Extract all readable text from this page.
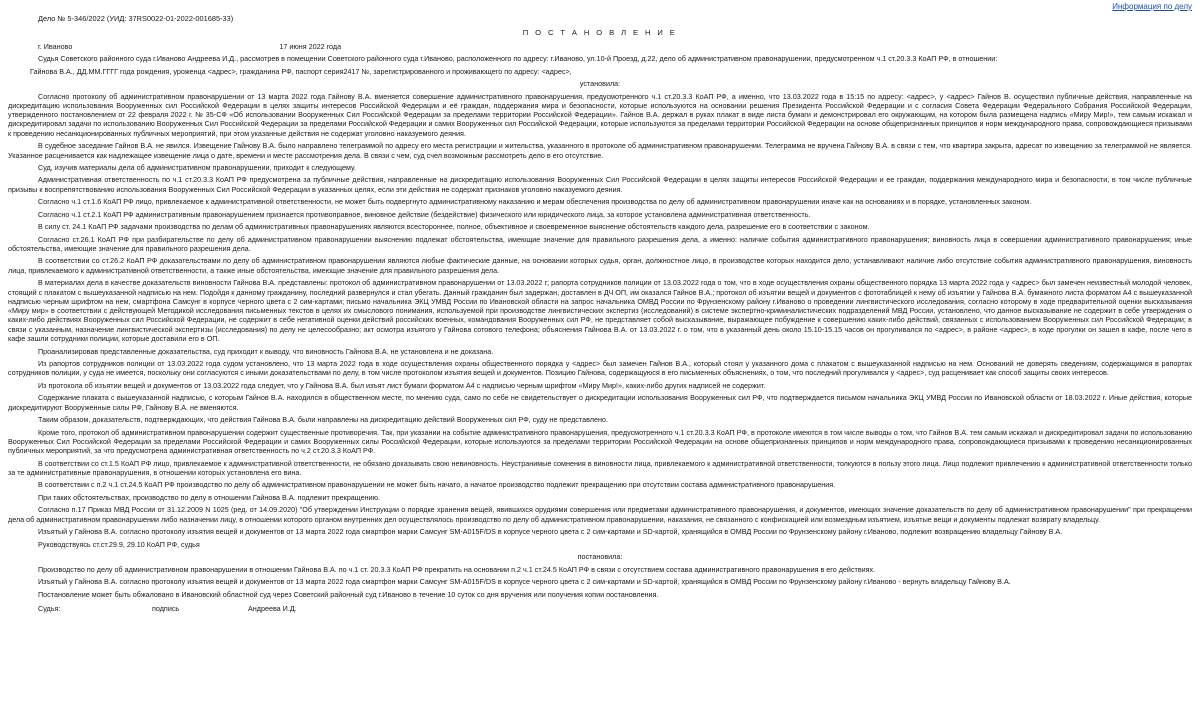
Информация по делу
Дело № 5-346/2022 (УИД: 37RS0022-01-2022-001685-33)
П О С Т А Н О В Л Е Н И Е
г. Иваново	17 июня 2022 года
Судья Советского районного суда г.Иваново Андреева И.Д., рассмотрев в помещении Советского районного суда г.Иваново, расположенного по адресу: г.Иваново, ул.10-й Проезд, д.22, дело об административном правонарушении, предусмотренном ч.1 ст.20.3.3 КоАП РФ, в отношении:
Гайнова В.А., ДД.ММ.ГГГГ года рождения, уроженца <адрес>, гражданина РФ, паспорт серия2417 №, зарегистрированного и проживающего по адресу: <адрес>,
установила:
Согласно протоколу об административном правонарушении от 13 марта 2022 года Гайнову В.А. вменяется совершение административного правонарушения, предусмотренного ч.1 ст.20.3.3 КоАП РФ, а именно, что 13.03.2022 года в 15:15 по адресу: <адрес>, у <адрес> Гайнов В. осуществил публичные действия, направленные на дискредитацию использования Вооруженных сил Российской Федерации в целях защиты интересов Российской Федерации и её граждан, поддержания мира и безопасности, которые используются на основании решения Президента Российской Федерации и с согласия Совета Федерации Федерального Собрания Российской Федерации, утвержденного постановлением от 22 февраля 2022 г. № 35-СФ «Об использовании Вооруженных Сил Российской Федерации за пределами территории Российской Федерации». Гайнов В.А. держал в руках плакат в виде листа бумаги и демонстрировал его окружающим, на котором была размещена надпись «Миру Мир!», тем самым искажал и дискредитировал задачи по использованию Вооруженных Сил Российской Федерации за пределами Российской Федерации и самих Вооруженных сил Российской Федерации, которые используются за пределами территории Российской Федерации на основе общепризнанных принципов и норм международного права, сопровождающиеся призывами к проведению несанкционированных публичных мероприятий, при этом указанные действия не содержат уголовно наказуемого деяния.
В судебное заседание Гайнов В.А. не явился. Извещение Гайнову В.А. было направлено телеграммой по адресу его места регистрации и жительства, указанного в протоколе об административном правонарушении. Телеграмма не вручена Гайнову В.А. в связи с тем, что квартира закрыта, адресат по извещению за телеграммой не является. Указанное расценивается как надлежащее извещение лица о дате, времени и месте рассмотрения дела. В связи с чем, суд счел возможным рассмотреть дело в его отсутствие.
Суд, изучив материалы дела об административном правонарушении, приходит к следующему.
Административная ответственность по ч.1 ст.20.3.3 КоАП РФ предусмотрена за публичные действия, направленные на дискредитацию использования Вооруженных Сил Российской Федерации в целях защиты интересов Российской Федерации и ее граждан, поддержания международного мира и безопасности, в том числе публичные призывы к воспрепятствованию использования Вооруженных Сил Российской Федерации в указанных целях, если эти действия не содержат признаков уголовно наказуемого деяния.
Согласно ч.1 ст.1.6 КоАП РФ лицо, привлекаемое к административной ответственности, не может быть подвергнуто административному наказанию и мерам обеспечения производства по делу об административном правонарушении иначе как на основаниях и в порядке, установленных законом.
Согласно ч.1 ст.2.1 КоАП РФ административным правонарушением признается противоправное, виновное действие (бездействие) физического или юридического лица, за которое установлена административная ответственность.
В силу ст. 24.1 КоАП РФ задачами производства по делам об административных правонарушениях являются всестороннее, полное, объективное и своевременное выяснение обстоятельств каждого дела, разрешение его в соответствии с законом.
Согласно ст.26.1 КоАП РФ при разбирательстве по делу об административном правонарушении выяснению подлежат обстоятельства, имеющие значение для правильного разрешения дела, а именно: наличие события административного правонарушения; виновность лица в совершении административного правонарушения; иные обстоятельства, имеющие значение для правильного разрешения дела.
В соответствии со ст.26.2 КоАП РФ доказательствами по делу об административном правонарушении являются любые фактические данные, на основании которых судья, орган, должностное лицо, в производстве которых находится дело, устанавливают наличие либо отсутствие события административного правонарушения, виновность лица, привлекаемого к административной ответственности, а также иные обстоятельства, имеющие значение для правильного разрешения дела.
В материалах дела в качестве доказательств виновности Гайнова В.А. представлены: протокол об административном правонарушении от 13.03.2022 г; рапорта сотрудников полиции от 13.03.2022 года о том, что в ходе осуществления охраны общественного порядка 13 марта 2022 года у <адрес> был замечен неизвестный молодой человек, стоящий с плакатом с вышеуказанной надписью на нем. Подойдя к данному гражданину, последний развернулся и стал убегать. Данный гражданин был задержан, доставлен в ДЧ ОП, им оказался Гайнов В.А.; протокол об изъятии вещей и документов с фототаблицей к нему об изъятии у Гайнова В.А. бумажного листа форматом А4 с вышеуказанной надписью черным шрифтом на нем, смартфона Самсунг в корпусе черного цвета с 2 сим-картами; письмо начальника ЭКЦ УМВД России по Ивановской области на запрос начальника ОМВД России по Фрунзенскому району г.Иваново о проведении лингвистического исследования, согласно которому в ходе предварительной оценки высказывания «Миру мир» в соответствии с действующей Методикой исследования письменных текстов в целях их смыслового понимания, используемой при производстве лингвистических экспертиз (исследований) в системе экспертно-криминалистических подразделений МВД России, установлено, что данное высказывание не содержит в себе утверждения о каких-либо действиях Вооруженных сил Российской Федерации, не содержит в себе негативной оценки действий российских военных, командования Вооруженных сил РФ, не представляет собой высказывание, выражающее побуждение к совершению каких-либо действий, связанных с использованием Вооруженных сил Российской Федерации; в связи с указанным, назначение лингвистической экспертизы (исследования) по делу не целесообразно; акт осмотра изъятого у Гайнова сотового телефона; объяснения Гайнова В.А. от 13.03.2022 г. о том, что в указанный день около 15.10-15.15 часов он прогуливался по <адрес>, в районе <адрес>, в ходе прогулки он зашел в кафе, после чего в кафе зашли сотрудники полиции, которые доставили его в ОП.
Проанализировав представленные доказательства, суд приходит к выводу, что виновность Гайнова В.А. не установлена и не доказана.
Из рапортов сотрудников полиции от 13.03.2022 года судом установлено, что 13 марта 2022 года в ходе осуществления охраны общественного порядка у <адрес> был замечен Гайнов В.А., который стоял у указанного дома с плакатом с вышеуказанной надписью на нем. Оснований не доверять сведениям, содержащимся в рапортах сотрудников полиции, у суда не имеется, поскольку они согласуются с иными доказательствами по делу, в том числе протоколом изъятия вещей и документов. Позицию Гайнова, содержащуюся в его письменных объяснениях, о том, что последний прогуливался у <адрес>, суд расценивает как способ защиты своих интересов.
Из протокола об изъятии вещей и документов от 13.03.2022 года следует, что у Гайнова В.А. был изъят лист бумаги форматом А4 с надписью черным шрифтом «Миру Мир!», каких-либо других надписей не содержит.
Содержание плаката с вышеуказанной надписью, с которым Гайнов В.А. находился в общественном месте, по мнению суда, само по себе не свидетельствует о дискредитации использования Вооруженных сил РФ, что подтверждается письмом начальника ЭКЦ УМВД России по Ивановской области от 18.03.2022 г. Иные действия, которые дискредитируют Вооруженные силы РФ, Гайнову В.А. не вменяются.
Таким образом, доказательств, подтверждающих, что действия Гайнова В.А. были направлены на дискредитацию действий Вооруженных сил РФ, суду не представлено.
Кроме того, протокол об административном правонарушении содержит существенные противоречия. Так, при указании на событие административного правонарушения, предусмотренного ч.1 ст.20.3.3 КоАП РФ, в протоколе имеются в том числе выводы о том, что Гайнов В.А. тем самым искажал и дискредитировал задачи по использованию Вооруженных Сил Российской Федерации за пределами Российской Федерации и самих Вооруженных силы Российской Федерации, которые используются за пределами территории Российской Федерации на основе общепризнанных принципов и норм международного права, сопровождающиеся призывами к проведению несанкционированных публичных мероприятий, за что предусмотрена административная ответственность по ч.2 ст.20.3.3 КоАП РФ.
В соответствии со ст.1.5 КоАП РФ лицо, привлекаемое к административной ответственности, не обязано доказывать свою невиновность. Неустранимые сомнения в виновности лица, привлекаемого к административной ответственности, толкуются в пользу этого лица. Лицо подлежит привлечению к административной ответственности только за те административные правонарушения, в отношении которых установлена его вина.
В соответствии с п.2 ч.1 ст.24.5 КоАП РФ производство по делу об административном правонарушении не может быть начато, а начатое производство подлежит прекращению при отсутствии состава административного правонарушения.
При таких обстоятельствах, производство по делу в отношении Гайнова В.А. подлежит прекращению.
Согласно п.17 Приказ МВД России от 31.12.2009 N 1025 (ред. от 14.09.2020) "Об утверждении Инструкции о порядке хранения вещей, явившихся орудиями совершения или предметами административного правонарушения, и документов, имеющих значение доказательств по делу об административном правонарушении" при прекращении дела об административном правонарушении либо назначении лицу, в отношении которого органом внутренних дел осуществлялось производство по делу об административном правонарушении, наказания, не связанного с конфискацией или возмездным изъятием, изъятые вещи и документы подлежат возврату владельцу.
Изъятый у Гайнова В.А. согласно протоколу изъятия вещей и документов от 13 марта 2022 года смартфон марки Самсунг SM-A015F/DS в корпусе черного цвета с 2 сим-картами и SD-картой, хранящийся в ОМВД России по Фрунзенскому району г.Иваново, подлежит возвращению владельцу Гайнову В.А.
Руководствуясь ст.ст.29.9, 29.10 КоАП РФ, судья
постановила:
Производство по делу об административном правонарушении в отношении Гайнова В.А. по ч.1 ст. 20.3.3 КоАП РФ прекратить на основании п.2 ч.1 ст.24.5 КоАП РФ в связи с отсутствием состава административного правонарушения в его действиях.
Изъятый у Гайнова В.А. согласно протоколу изъятия вещей и документов от 13 марта 2022 года смартфон марки Самсунг SM-A015F/DS в корпусе черного цвета с 2 сим-картами и SD-картой, хранящийся в ОМВД России по Фрунзенскому району г.Иваново - вернуть владельцу Гайнову В.А.
Постановление может быть обжаловано в Ивановский областной суд через Советский районный суд г.Иваново в течение 10 суток со дня вручения или получения копии постановления.
Судья:	подпись	Андреева И.Д.
